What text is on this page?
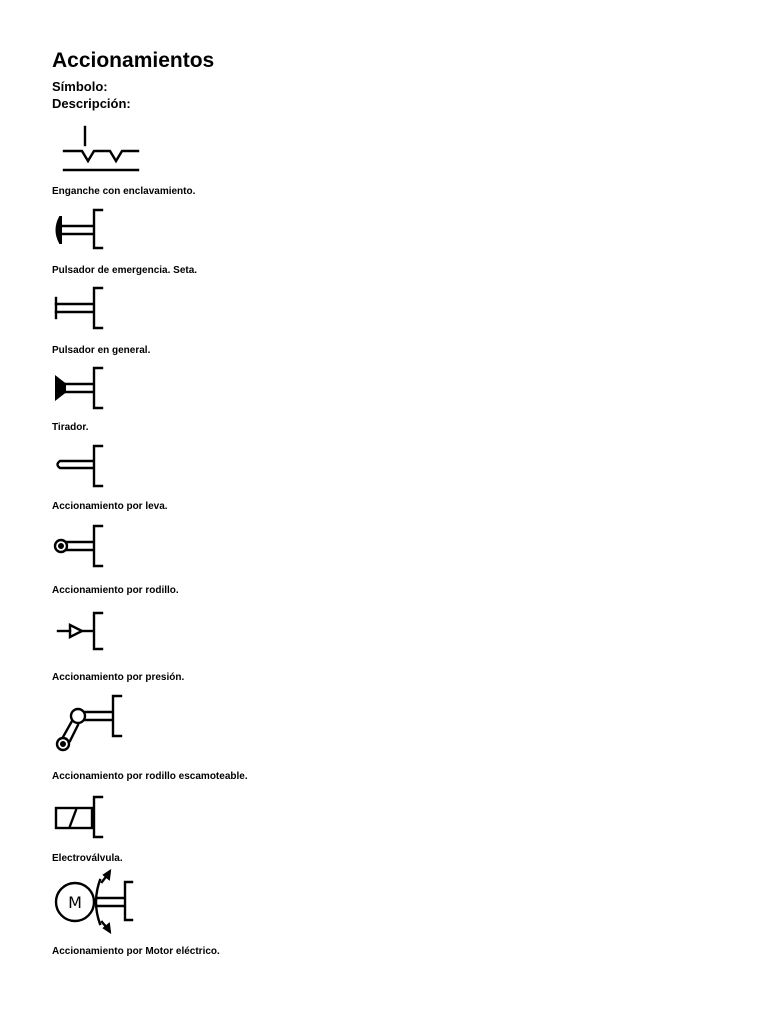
Accionamientos
Símbolo:
Descripción:
Enganche con enclavamiento.
Pulsador de emergencia. Seta.
Pulsador en general.
Tirador.
Accionamiento por leva.
Accionamiento por rodillo.
Accionamiento por presión.
Accionamiento por rodillo escamoteable.
Electroválvula.
M
Accionamiento por Motor eléctrico.
